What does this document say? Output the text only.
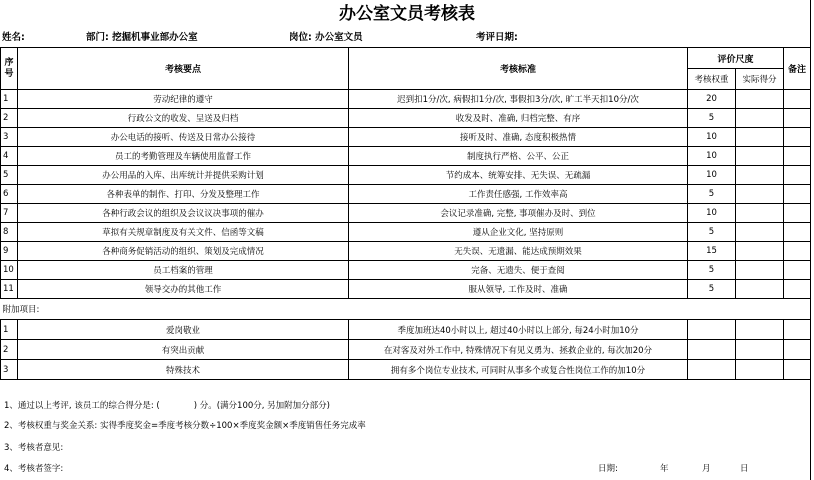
办公室文员考核表
姓名:	部门: 挖掘机事业部办公室	岗位: 办公室文员	考评日期:
序号	考核要点	考核标准	评价尺度		备注
			考核权重	实际得分	
1	劳动纪律的遵守	迟到扣1分/次, 病假扣1分/次, 事假扣3分/次, 旷工半天扣10分/次	20		
2	行政公文的收发、呈送及归档	收发及时、准确, 归档完整、有序	5		
3	办公电话的接听、传送及日常办公接待	接听及时、准确, 态度积极热情	10		
4	员工的考勤管理及车辆使用监督工作	制度执行严格、公平、公正	10		
5	办公用品的入库、出库统计并提供采购计划	节约成本、统筹安排、无失误、无疏漏	10		
6	各种表单的制作、打印、分发及整理工作	工作责任感强, 工作效率高	5		
7	各种行政会议的组织及会议议决事项的催办	会议记录准确, 完整, 事项催办及时、到位	10		
8	草拟有关规章制度及有关文件、信函等文稿	遵从企业文化, 坚持原则	5		
9	各种商务促销活动的组织、策划及完成情况	无失误、无遗漏、能达成预期效果	15		
10	员工档案的管理	完备、无遗失、便于查阅	5		
11	领导交办的其他工作	服从领导, 工作及时、准确	5		
附加项目:					
1	爱岗敬业	季度加班达40小时以上, 超过40小时以上部分, 每24小时加10分			
2	有突出贡献	在对客及对外工作中, 特殊情况下有见义勇为、拯救企业的, 每次加20分			
3	特殊技术	拥有多个岗位专业技术, 可同时从事多个或复合性岗位工作的加10分			
1、通过以上考评, 该员工的综合得分是: (　　　　) 分。(满分100分, 另加附加分部分)
2、考核权重与奖金关系: 实得季度奖金=季度考核分数÷100×季度奖金额×季度销售任务完成率
3、考核者意见:
4、考核者签字:	日期:	年	月	日
